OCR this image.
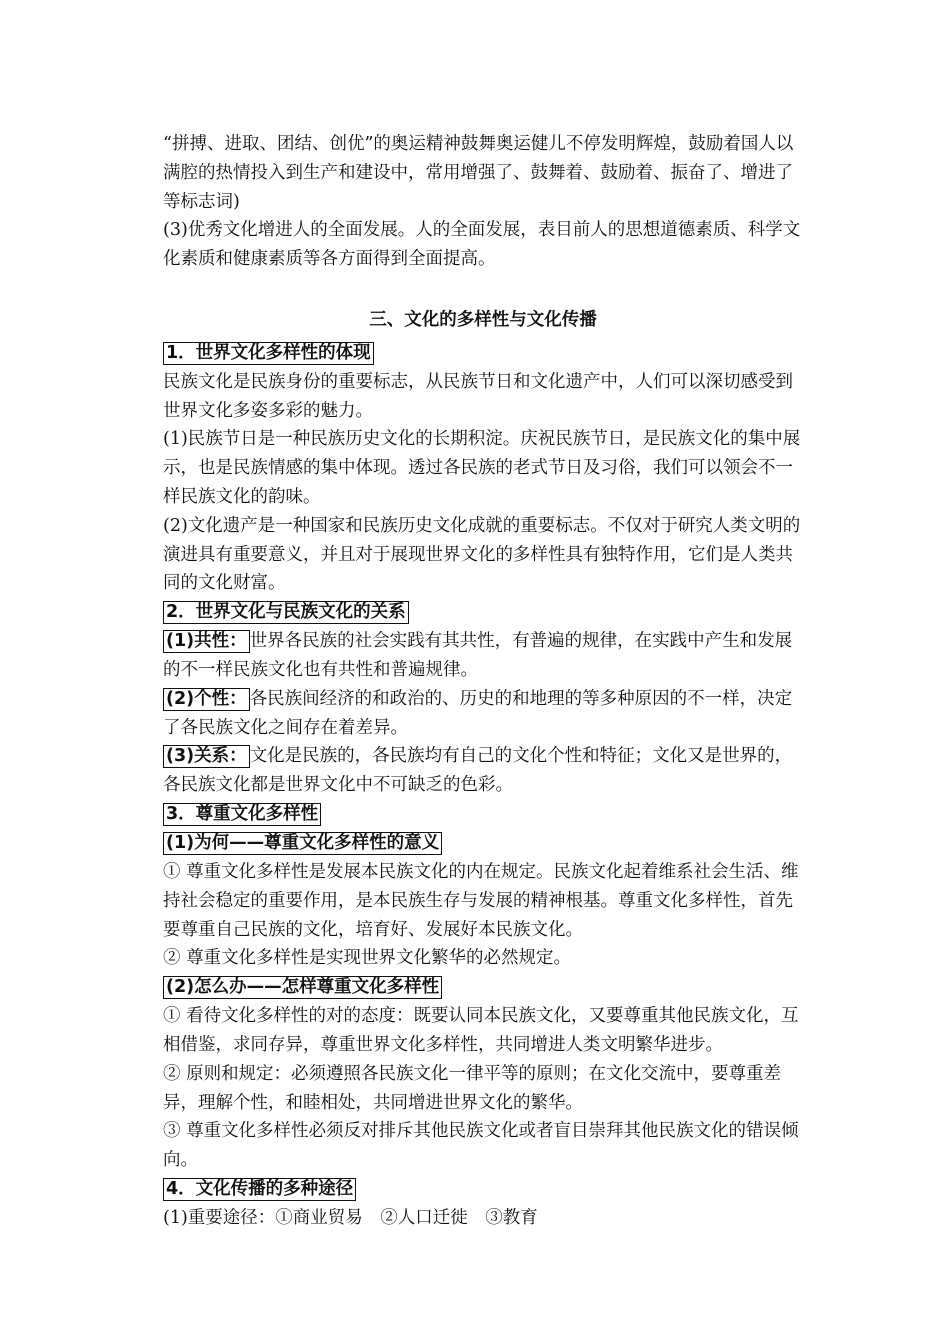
“拼搏、进取、团结、创优”的奥运精神鼓舞奥运健儿不停发明辉煌，鼓励着国人以满腔的热情投入到生产和建设中，常用增强了、鼓舞着、鼓励着、振奋了、增进了等标志词)

(3)优秀文化增进人的全面发展。人的全面发展，表目前人的思想道德素质、科学文化素质和健康素质等各方面得到全面提高。

三、文化的多样性与文化传播

1．世界文化多样性的体现

民族文化是民族身份的重要标志，从民族节日和文化遗产中，人们可以深切感受到世界文化多姿多彩的魅力。

(1)民族节日是一种民族历史文化的长期积淀。庆祝民族节日，是民族文化的集中展示，也是民族情感的集中体现。透过各民族的老式节日及习俗，我们可以领会不一样民族文化的韵味。

(2)文化遗产是一种国家和民族历史文化成就的重要标志。不仅对于研究人类文明的演进具有重要意义，并且对于展现世界文化的多样性具有独特作用，它们是人类共同的文化财富。

2．世界文化与民族文化的关系

(1)共性： 世界各民族的社会实践有其共性，有普遍的规律，在实践中产生和发展的不一样民族文化也有共性和普遍规律。

(2)个性： 各民族间经济的和政治的、历史的和地理的等多种原因的不一样，决定了各民族文化之间存在着差异。

(3)关系： 文化是民族的，各民族均有自己的文化个性和特征；文化又是世界的，各民族文化都是世界文化中不可缺乏的色彩。

3．尊重文化多样性
(1)为何——尊重文化多样性的意义

① 尊重文化多样性是发展本民族文化的内在规定。民族文化起着维系社会生活、维持社会稳定的重要作用，是本民族生存与发展的精神根基。尊重文化多样性，首先要尊重自己民族的文化，培育好、发展好本民族文化。

② 尊重文化多样性是实现世界文化繁华的必然规定。

(2)怎么办——怎样尊重文化多样性

① 看待文化多样性的对的态度：既要认同本民族文化，又要尊重其他民族文化，互相借鉴，求同存异，尊重世界文化多样性，共同增进人类文明繁华进步。

② 原则和规定：必须遵照各民族文化一律平等的原则；在文化交流中，要尊重差异，理解个性，和睦相处，共同增进世界文化的繁华。

③ 尊重文化多样性必须反对排斥其他民族文化或者盲目崇拜其他民族文化的错误倾向。

4．文化传播的多种途径

(1)重要途径：①商业贸易　②人口迁徙　③教育
